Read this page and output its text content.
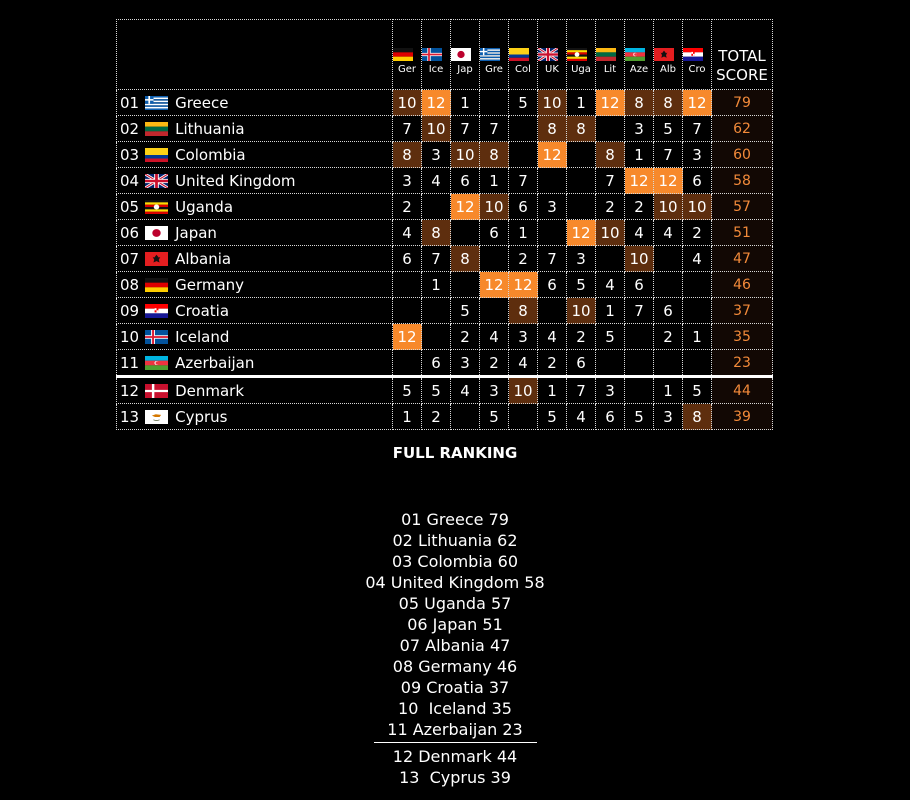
Ger	Ice	Jap	Gre	Col	UK	Uga	Lit	Aze	Alb	Cro	TOTAL
SCORE

01 Greece	10	12	1		5	10	1	12	8	8	12	79
02 Lithuania	7	10	7	7		8	8		3	5	7	62
03 Colombia	8	3	10	8		12		8	1	7	3	60
04 United Kingdom	3	4	6	1	7			7	12	12	6	58
05 Uganda	2		12	10	6	3		2	2	10	10	57
06 Japan	4	8		6	1		12	10	4	4	2	51
07 Albania	6	7	8		2	7	3		10		4	47
08 Germany		1		12	12	6	5	4	6			46
09 Croatia			5		8		10	1	7	6		37
10 Iceland	12		2	4	3	4	2	5		2	1	35
11 Azerbaijan		6	3	2	4	2	6					23
12 Denmark	5	5	4	3	10	1	7	3		1	5	44
13 Cyprus	1	2		5		5	4	6	5	3	8	39
FULL RANKING
01 Greece 79
02 Lithuania 62
03 Colombia 60
04 United Kingdom 58
05 Uganda 57
06 Japan 51
07 Albania 47
08 Germany 46
09 Croatia 37
10  Iceland 35
11 Azerbaijan 23
12 Denmark 44
13  Cyprus 39
